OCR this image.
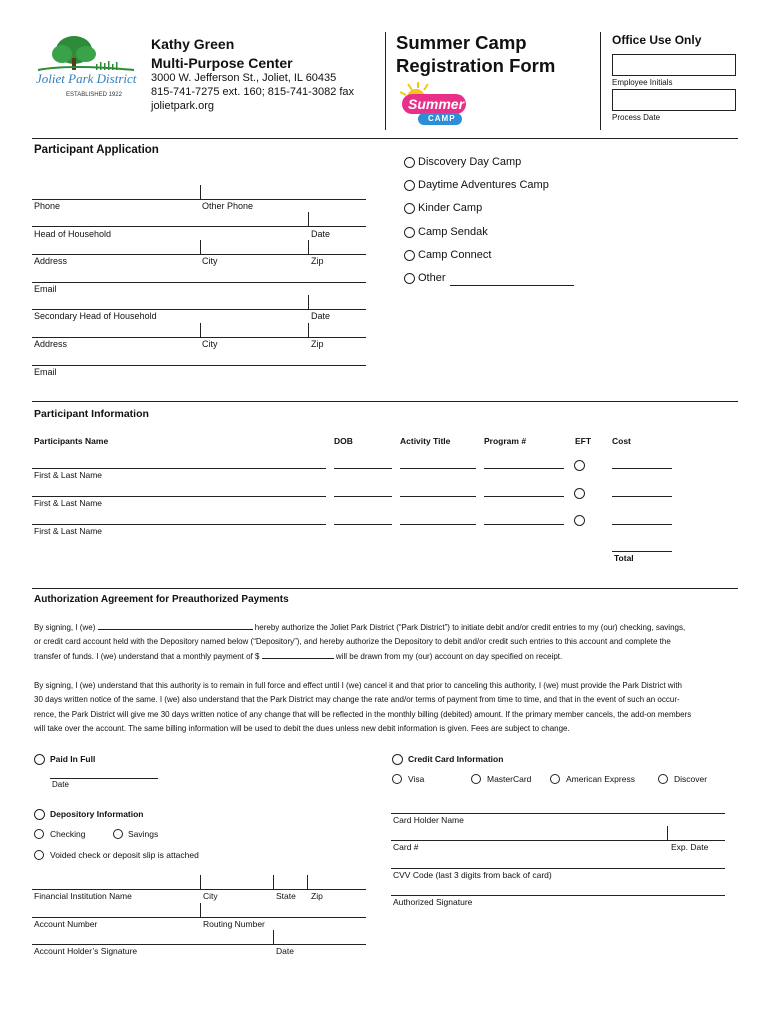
Joliet Park District
ESTABLISHED 1922
Kathy Green
Multi-Purpose Center
3000 W. Jefferson St., Joliet, IL 60435
815-741-7275 ext. 160; 815-741-3082 fax
jolietpark.org
Summer Camp
Registration Form
Summer
CAMP
Office Use Only
Employee Initials
Process Date
Participant Application
Phone	Other Phone
Head of Household	Date
Address	City	Zip
Email
Secondary Head of Household	Date
Address	City	Zip
Email
Discovery Day Camp
Daytime Adventures Camp
Kinder Camp
Camp Sendak
Camp Connect
Other
Participant Information
Participants Name	DOB	Activity Title	Program #	EFT Cost
First & Last Name
First & Last Name
First & Last Name
Total
Authorization Agreement for Preauthorized Payments
By signing, I (we)	hereby authorize the Joliet Park District (“Park District”) to initiate debit and/or credit entries to my (our) checking, savings,
or credit card account held with the Depository named below (“Depository”), and hereby authorize the Depository to debit and/or credit such entries to this account and complete the
transfer of funds. I (we) understand that a monthly payment of $	will be drawn from my (our) account on day specified on receipt.
By signing, I (we) understand that this authority is to remain in full force and effect until I (we) cancel it and that prior to canceling this authority, I (we) must provide the Park District with
30 days written notice of the same. I (we) also understand that the Park District may change the rate and/or terms of payment from time to time, and that in the event of such an occur-
rence, the Park District will give me 30 days written notice of any change that will be reflected in the monthly billing (debited) amount. If the primary member cancels, the add-on members
will take over the account. The same billing information will be used to debit the dues unless new debit information is given. Fees are subject to change.
Paid In Full
Date
Depository Information
Checking	Savings
Voided check or deposit slip is attached
Financial Institution Name	City	State Zip
Account Number	Routing Number
Account Holder’s Signature	Date
Credit Card Information
Visa	MasterCard	American Express	Discover
Card Holder Name
Card #	Exp. Date
CVV Code (last 3 digits from back of card)
Authorized Signature
